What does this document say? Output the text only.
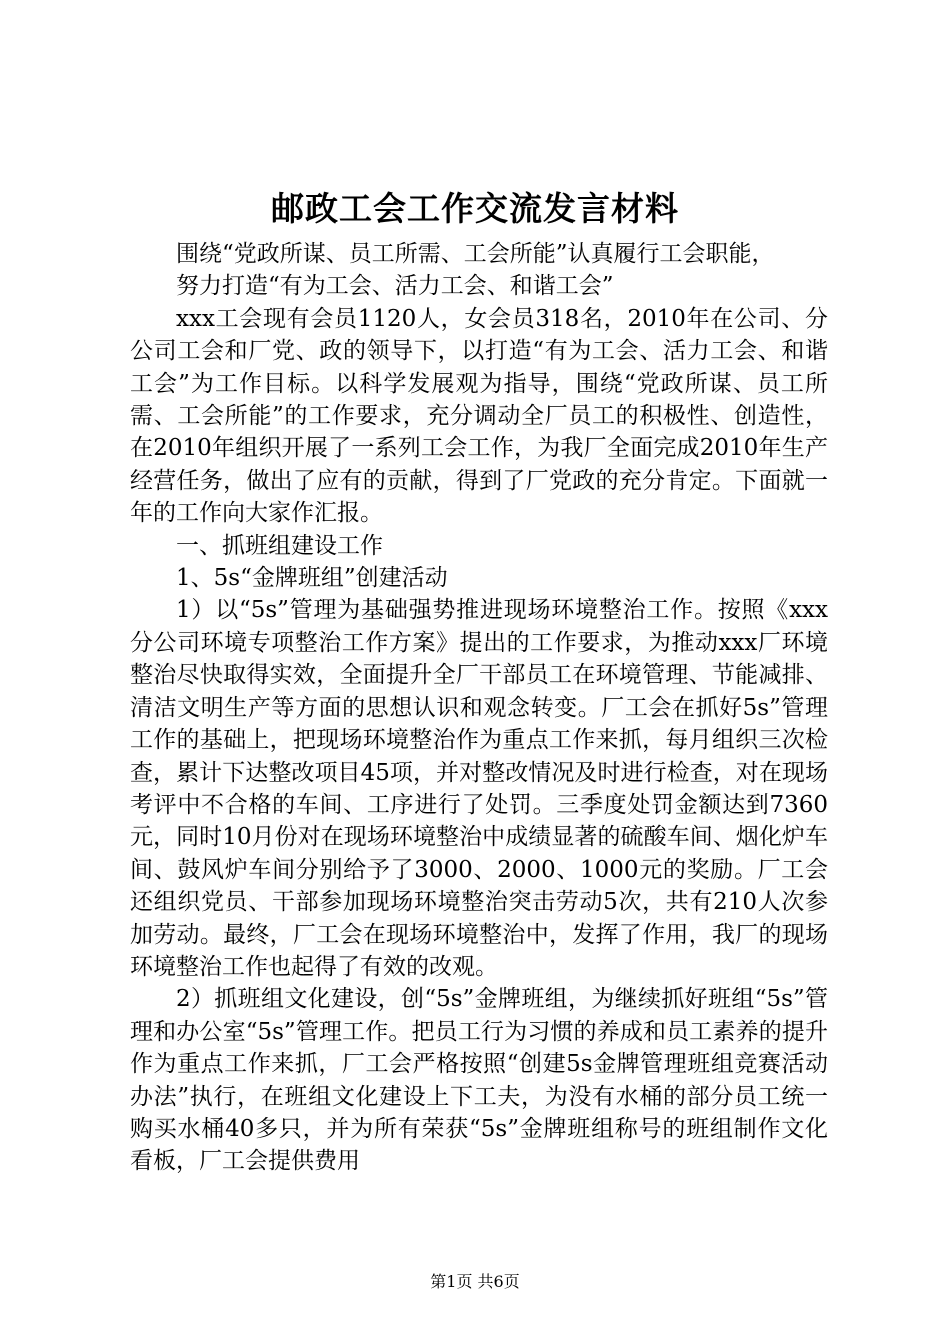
邮政工会工作交流发言材料

围绕“党政所谋、员工所需、工会所能”认真履行工会职能，

努力打造“有为工会、活力工会、和谐工会”

xxx工会现有会员1120人，女会员318名，2010年在公司、分公司工会和厂党、政的领导下，以打造“有为工会、活力工会、和谐工会”为工作目标。以科学发展观为指导，围绕“党政所谋、员工所需、工会所能”的工作要求，充分调动全厂员工的积极性、创造性，在2010年组织开展了一系列工会工作，为我厂全面完成2010年生产经营任务，做出了应有的贡献，得到了厂党政的充分肯定。下面就一年的工作向大家作汇报。

一、抓班组建设工作

1、5s“金牌班组”创建活动

1）以“5s”管理为基础强势推进现场环境整治工作。按照《xxx分公司环境专项整治工作方案》提出的工作要求，为推动xxx厂环境整治尽快取得实效，全面提升全厂干部员工在环境管理、节能减排、清洁文明生产等方面的思想认识和观念转变。厂工会在抓好5s”管理工作的基础上，把现场环境整治作为重点工作来抓，每月组织三次检查，累计下达整改项目45项，并对整改情况及时进行检查，对在现场考评中不合格的车间、工序进行了处罚。三季度处罚金额达到7360元，同时10月份对在现场环境整治中成绩显著的硫酸车间、烟化炉车间、鼓风炉车间分别给予了3000、2000、1000元的奖励。厂工会还组织党员、干部参加现场环境整治突击劳动5次，共有210人次参加劳动。最终，厂工会在现场环境整治中，发挥了作用，我厂的现场环境整治工作也起得了有效的改观。

2）抓班组文化建设，创“5s”金牌班组，为继续抓好班组“5s”管理和办公室“5s”管理工作。把员工行为习惯的养成和员工素养的提升作为重点工作来抓，厂工会严格按照“创建5s金牌管理班组竞赛活动办法”执行，在班组文化建设上下工夫，为没有水桶的部分员工统一购买水桶40多只，并为所有荣获“5s”金牌班组称号的班组制作文化看板，厂工会提供费用

第1页 共6页
